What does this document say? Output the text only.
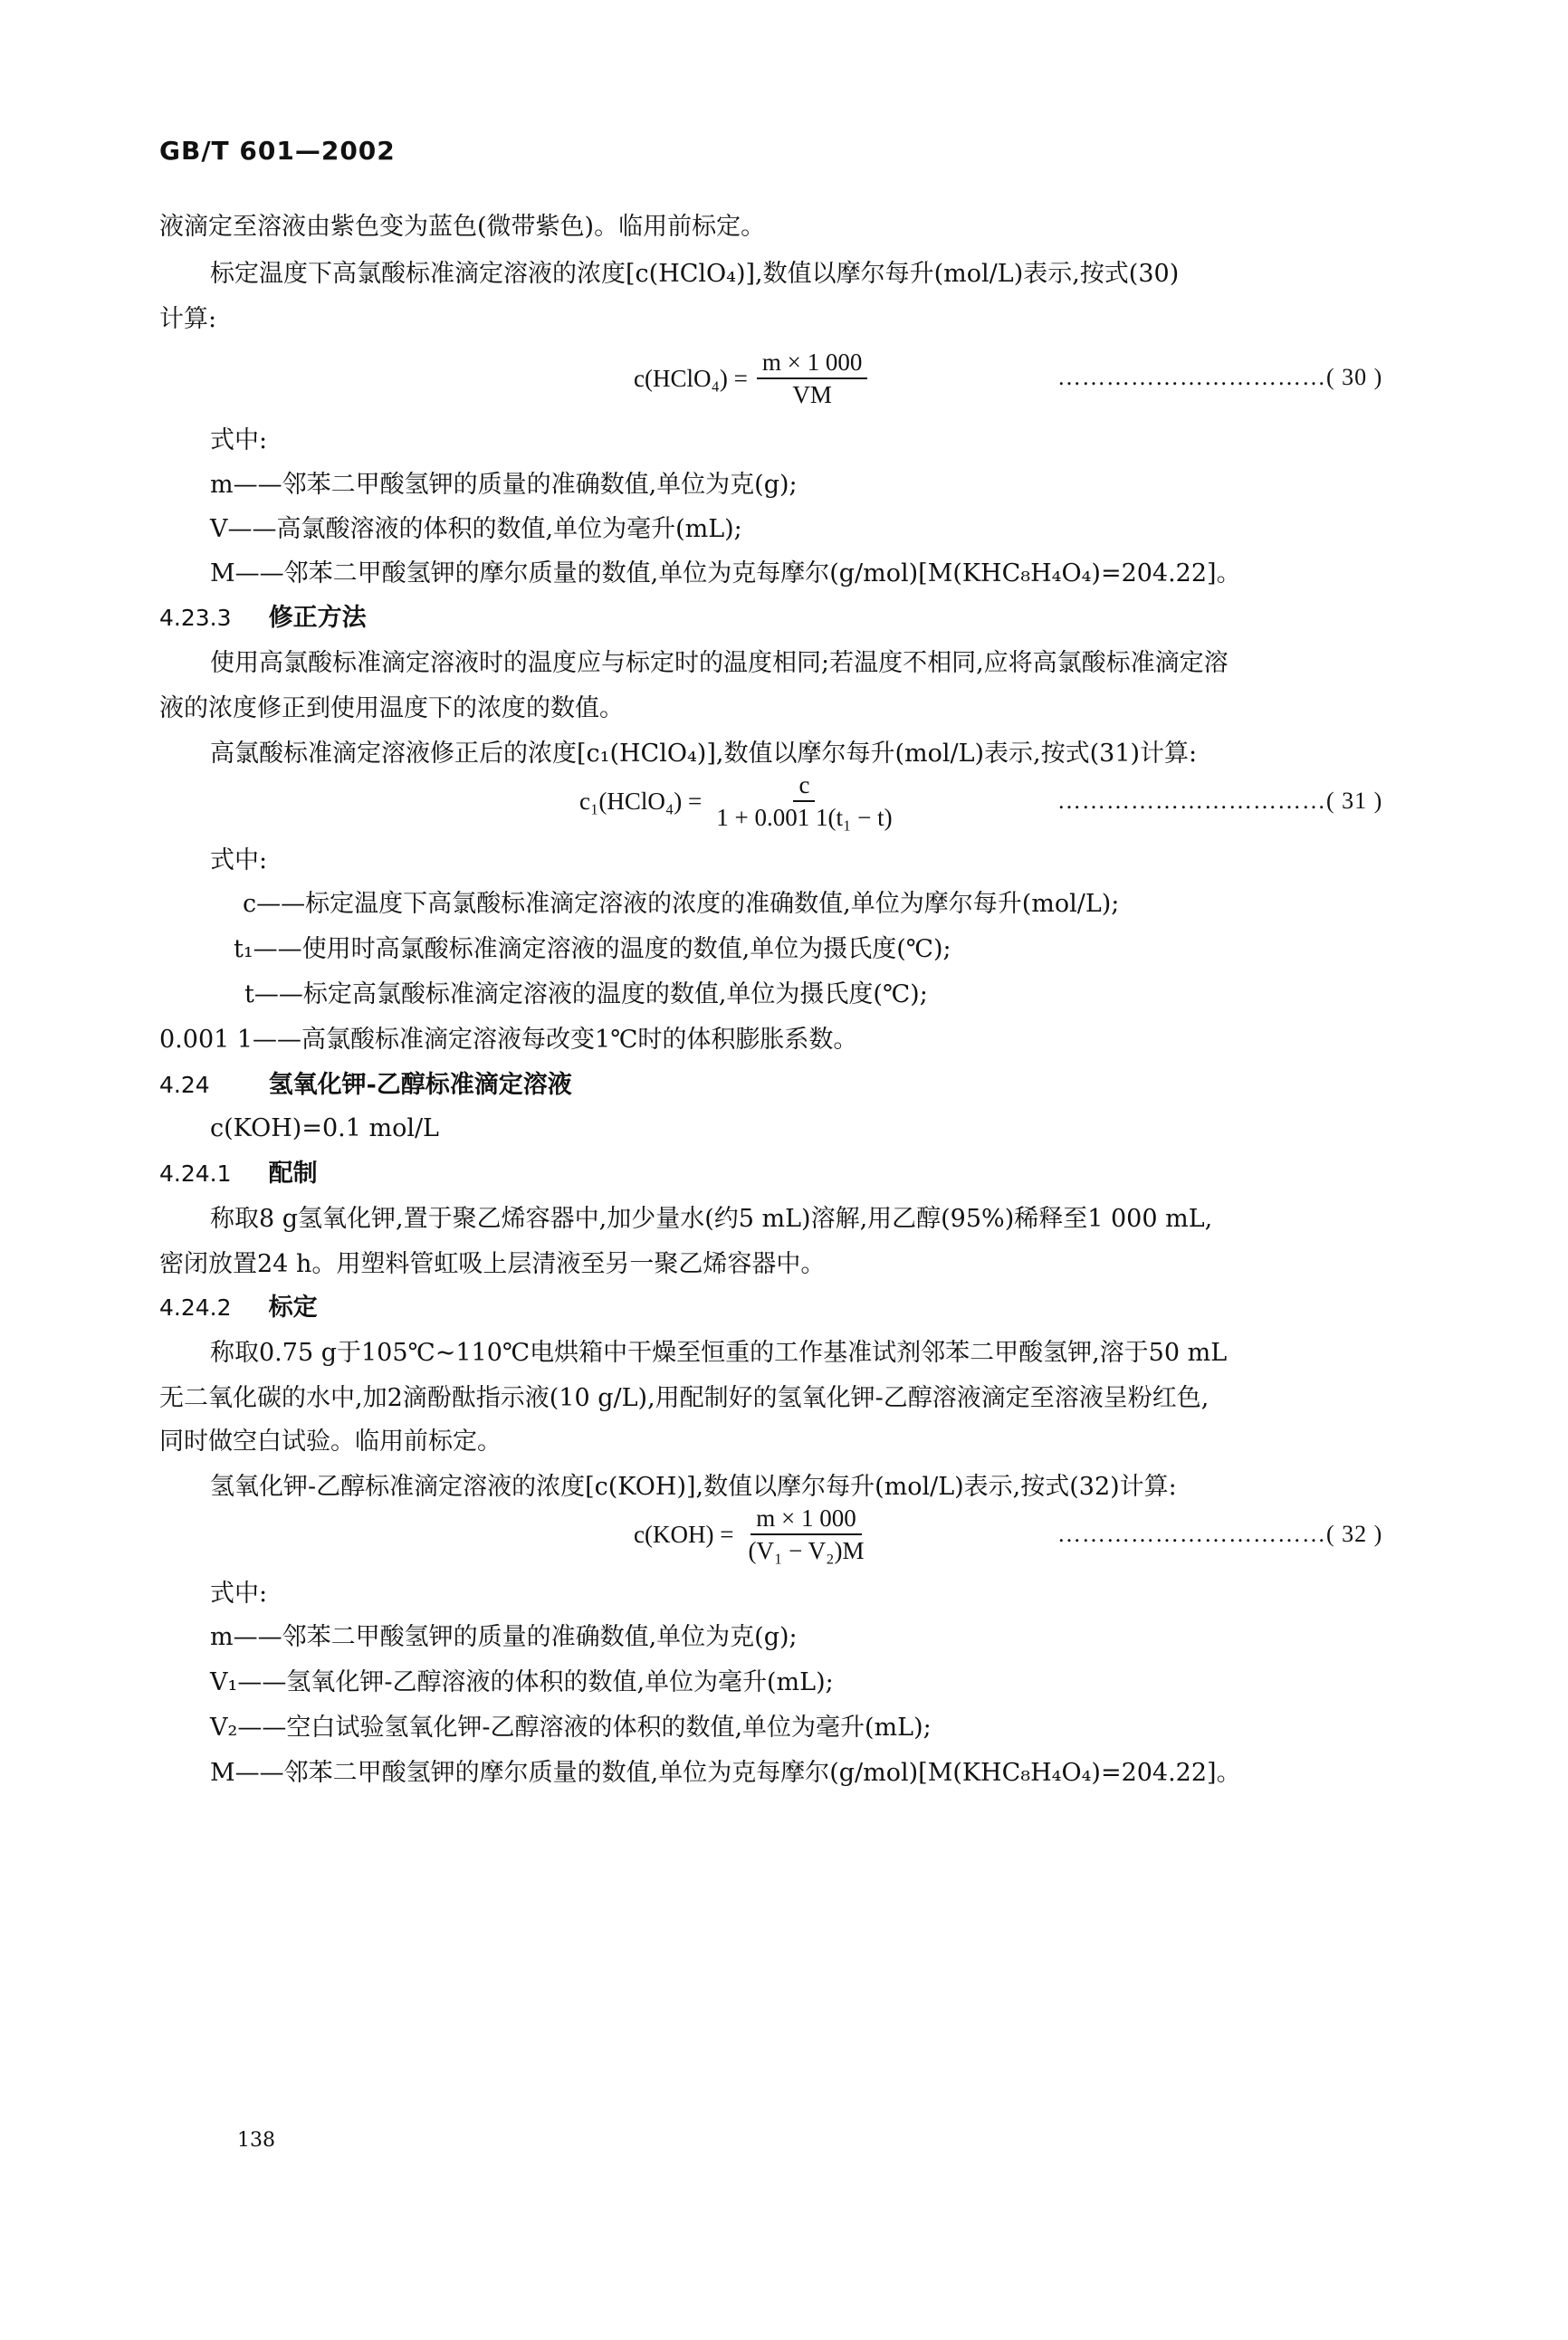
GB/T 601—2002
液滴定至溶液由紫色变为蓝色(微带紫色)。临用前标定。
标定温度下高氯酸标准滴定溶液的浓度[c(HClO₄)],数值以摩尔每升(mol/L)表示,按式(30)
计算:
c(HClO₄) = $\frac{m \times 1 000}{VM}$	……………………………( 30 )
式中:
m——邻苯二甲酸氢钾的质量的准确数值,单位为克(g);
V——高氯酸溶液的体积的数值,单位为毫升(mL);
M——邻苯二甲酸氢钾的摩尔质量的数值,单位为克每摩尔(g/mol)[M(KHC₈H₄O₄)=204.22]。
4.23.3 修正方法
使用高氯酸标准滴定溶液时的温度应与标定时的温度相同;若温度不相同,应将高氯酸标准滴定溶
液的浓度修正到使用温度下的浓度的数值。
高氯酸标准滴定溶液修正后的浓度[c₁(HClO₄)],数值以摩尔每升(mol/L)表示,按式(31)计算:
c₁(HClO₄) = $\frac{c}{\text{1 + 0.001 1(t₁ − t)}}$	……………………………( 31 )
式中:
c——标定温度下高氯酸标准滴定溶液的浓度的准确数值,单位为摩尔每升(mol/L);
t₁——使用时高氯酸标准滴定溶液的温度的数值,单位为摄氏度(℃);
t——标定高氯酸标准滴定溶液的温度的数值,单位为摄氏度(℃);
0.001 1——高氯酸标准滴定溶液每改变1℃时的体积膨胀系数。
4.24 氢氧化钾-乙醇标准滴定溶液
c(KOH)=0.1 mol/L
4.24.1 配制
称取8 g氢氧化钾,置于聚乙烯容器中,加少量水(约5 mL)溶解,用乙醇(95%)稀释至1 000 mL,
密闭放置24 h。用塑料管虹吸上层清液至另一聚乙烯容器中。
4.24.2 标定
称取0.75 g于105℃~110℃电烘箱中干燥至恒重的工作基准试剂邻苯二甲酸氢钾,溶于50 mL
无二氧化碳的水中,加2滴酚酞指示液(10 g/L),用配制好的氢氧化钾-乙醇溶液滴定至溶液呈粉红色,
同时做空白试验。临用前标定。
氢氧化钾-乙醇标准滴定溶液的浓度[c(KOH)],数值以摩尔每升(mol/L)表示,按式(32)计算:
$c(KOH) = \frac{m \times 1 000}{\text{(V₁ − V₂)M}}$	……………………………( 32 )
式中:
m——邻苯二甲酸氢钾的质量的准确数值,单位为克(g);
V₁——氢氧化钾-乙醇溶液的体积的数值,单位为毫升(mL);
V₂——空白试验氢氧化钾-乙醇溶液的体积的数值,单位为毫升(mL);
M——邻苯二甲酸氢钾的摩尔质量的数值,单位为克每摩尔(g/mol)[M(KHC₈H₄O₄)=204.22]。
138
